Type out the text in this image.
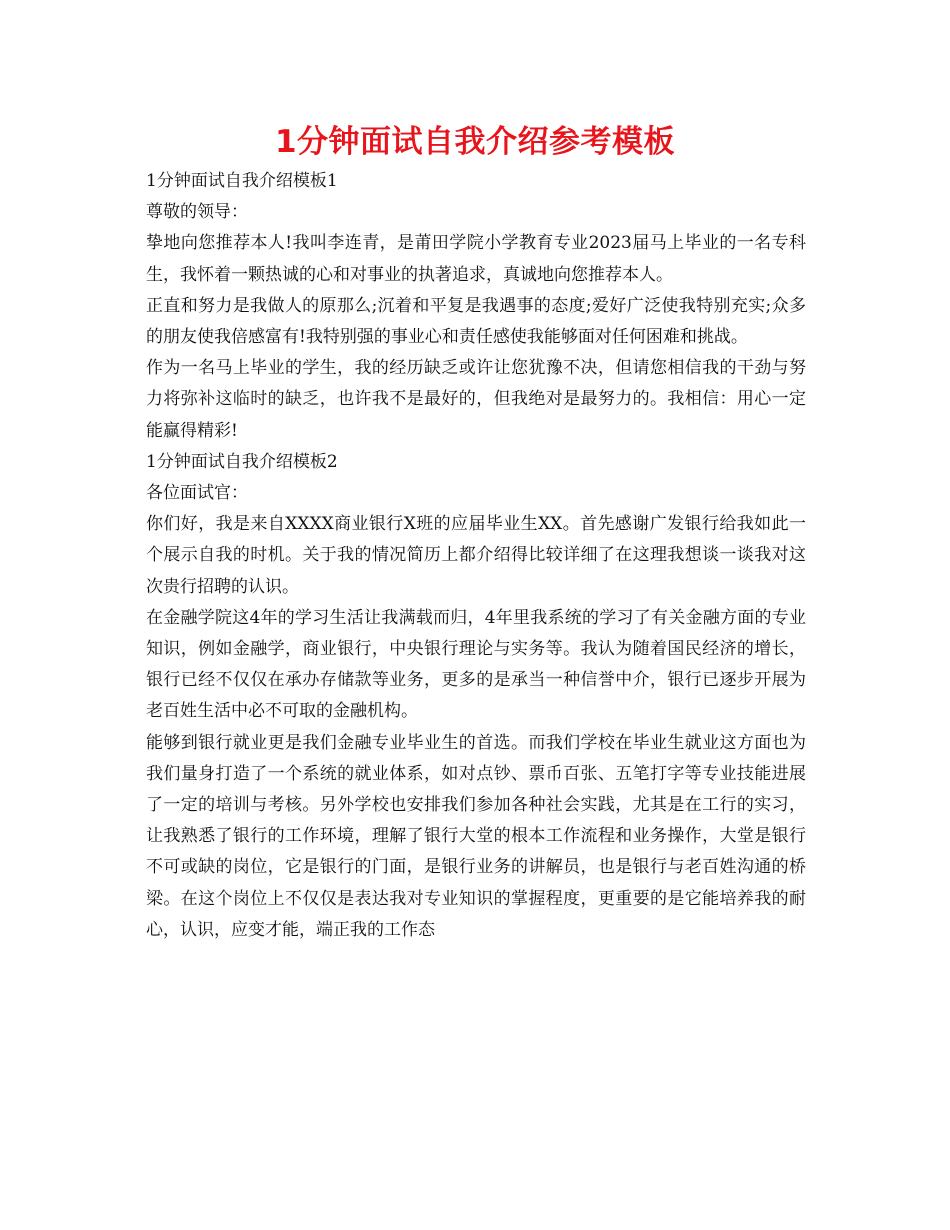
1分钟面试自我介绍参考模板

1分钟面试自我介绍模板1

尊敬的领导：

挚地向您推荐本人!我叫李连青，是莆田学院小学教育专业2023届马上毕业的一名专科生，我怀着一颗热诚的心和对事业的执著追求，真诚地向您推荐本人。

正直和努力是我做人的原那么;沉着和平复是我遇事的态度;爱好广泛使我特别充实;众多的朋友使我倍感富有!我特别强的事业心和责任感使我能够面对任何困难和挑战。

作为一名马上毕业的学生，我的经历缺乏或许让您犹豫不决，但请您相信我的干劲与努力将弥补这临时的缺乏，也许我不是最好的，但我绝对是最努力的。我相信：用心一定能赢得精彩!

1分钟面试自我介绍模板2

各位面试官：

你们好，我是来自XXXX商业银行X班的应届毕业生XX。首先感谢广发银行给我如此一个展示自我的时机。关于我的情况简历上都介绍得比较详细了在这理我想谈一谈我对这次贵行招聘的认识。

在金融学院这4年的学习生活让我满载而归，4年里我系统的学习了有关金融方面的专业知识，例如金融学，商业银行，中央银行理论与实务等。我认为随着国民经济的增长，银行已经不仅仅在承办存储款等业务，更多的是承当一种信誉中介，银行已逐步开展为老百姓生活中必不可取的金融机构。

能够到银行就业更是我们金融专业毕业生的首选。而我们学校在毕业生就业这方面也为我们量身打造了一个系统的就业体系，如对点钞、票币百张、五笔打字等专业技能进展了一定的培训与考核。另外学校也安排我们参加各种社会实践，尤其是在工行的实习，让我熟悉了银行的工作环境，理解了银行大堂的根本工作流程和业务操作，大堂是银行不可或缺的岗位，它是银行的门面，是银行业务的讲解员，也是银行与老百姓沟通的桥梁。在这个岗位上不仅仅是表达我对专业知识的掌握程度，更重要的是它能培养我的耐心，认识，应变才能，端正我的工作态
